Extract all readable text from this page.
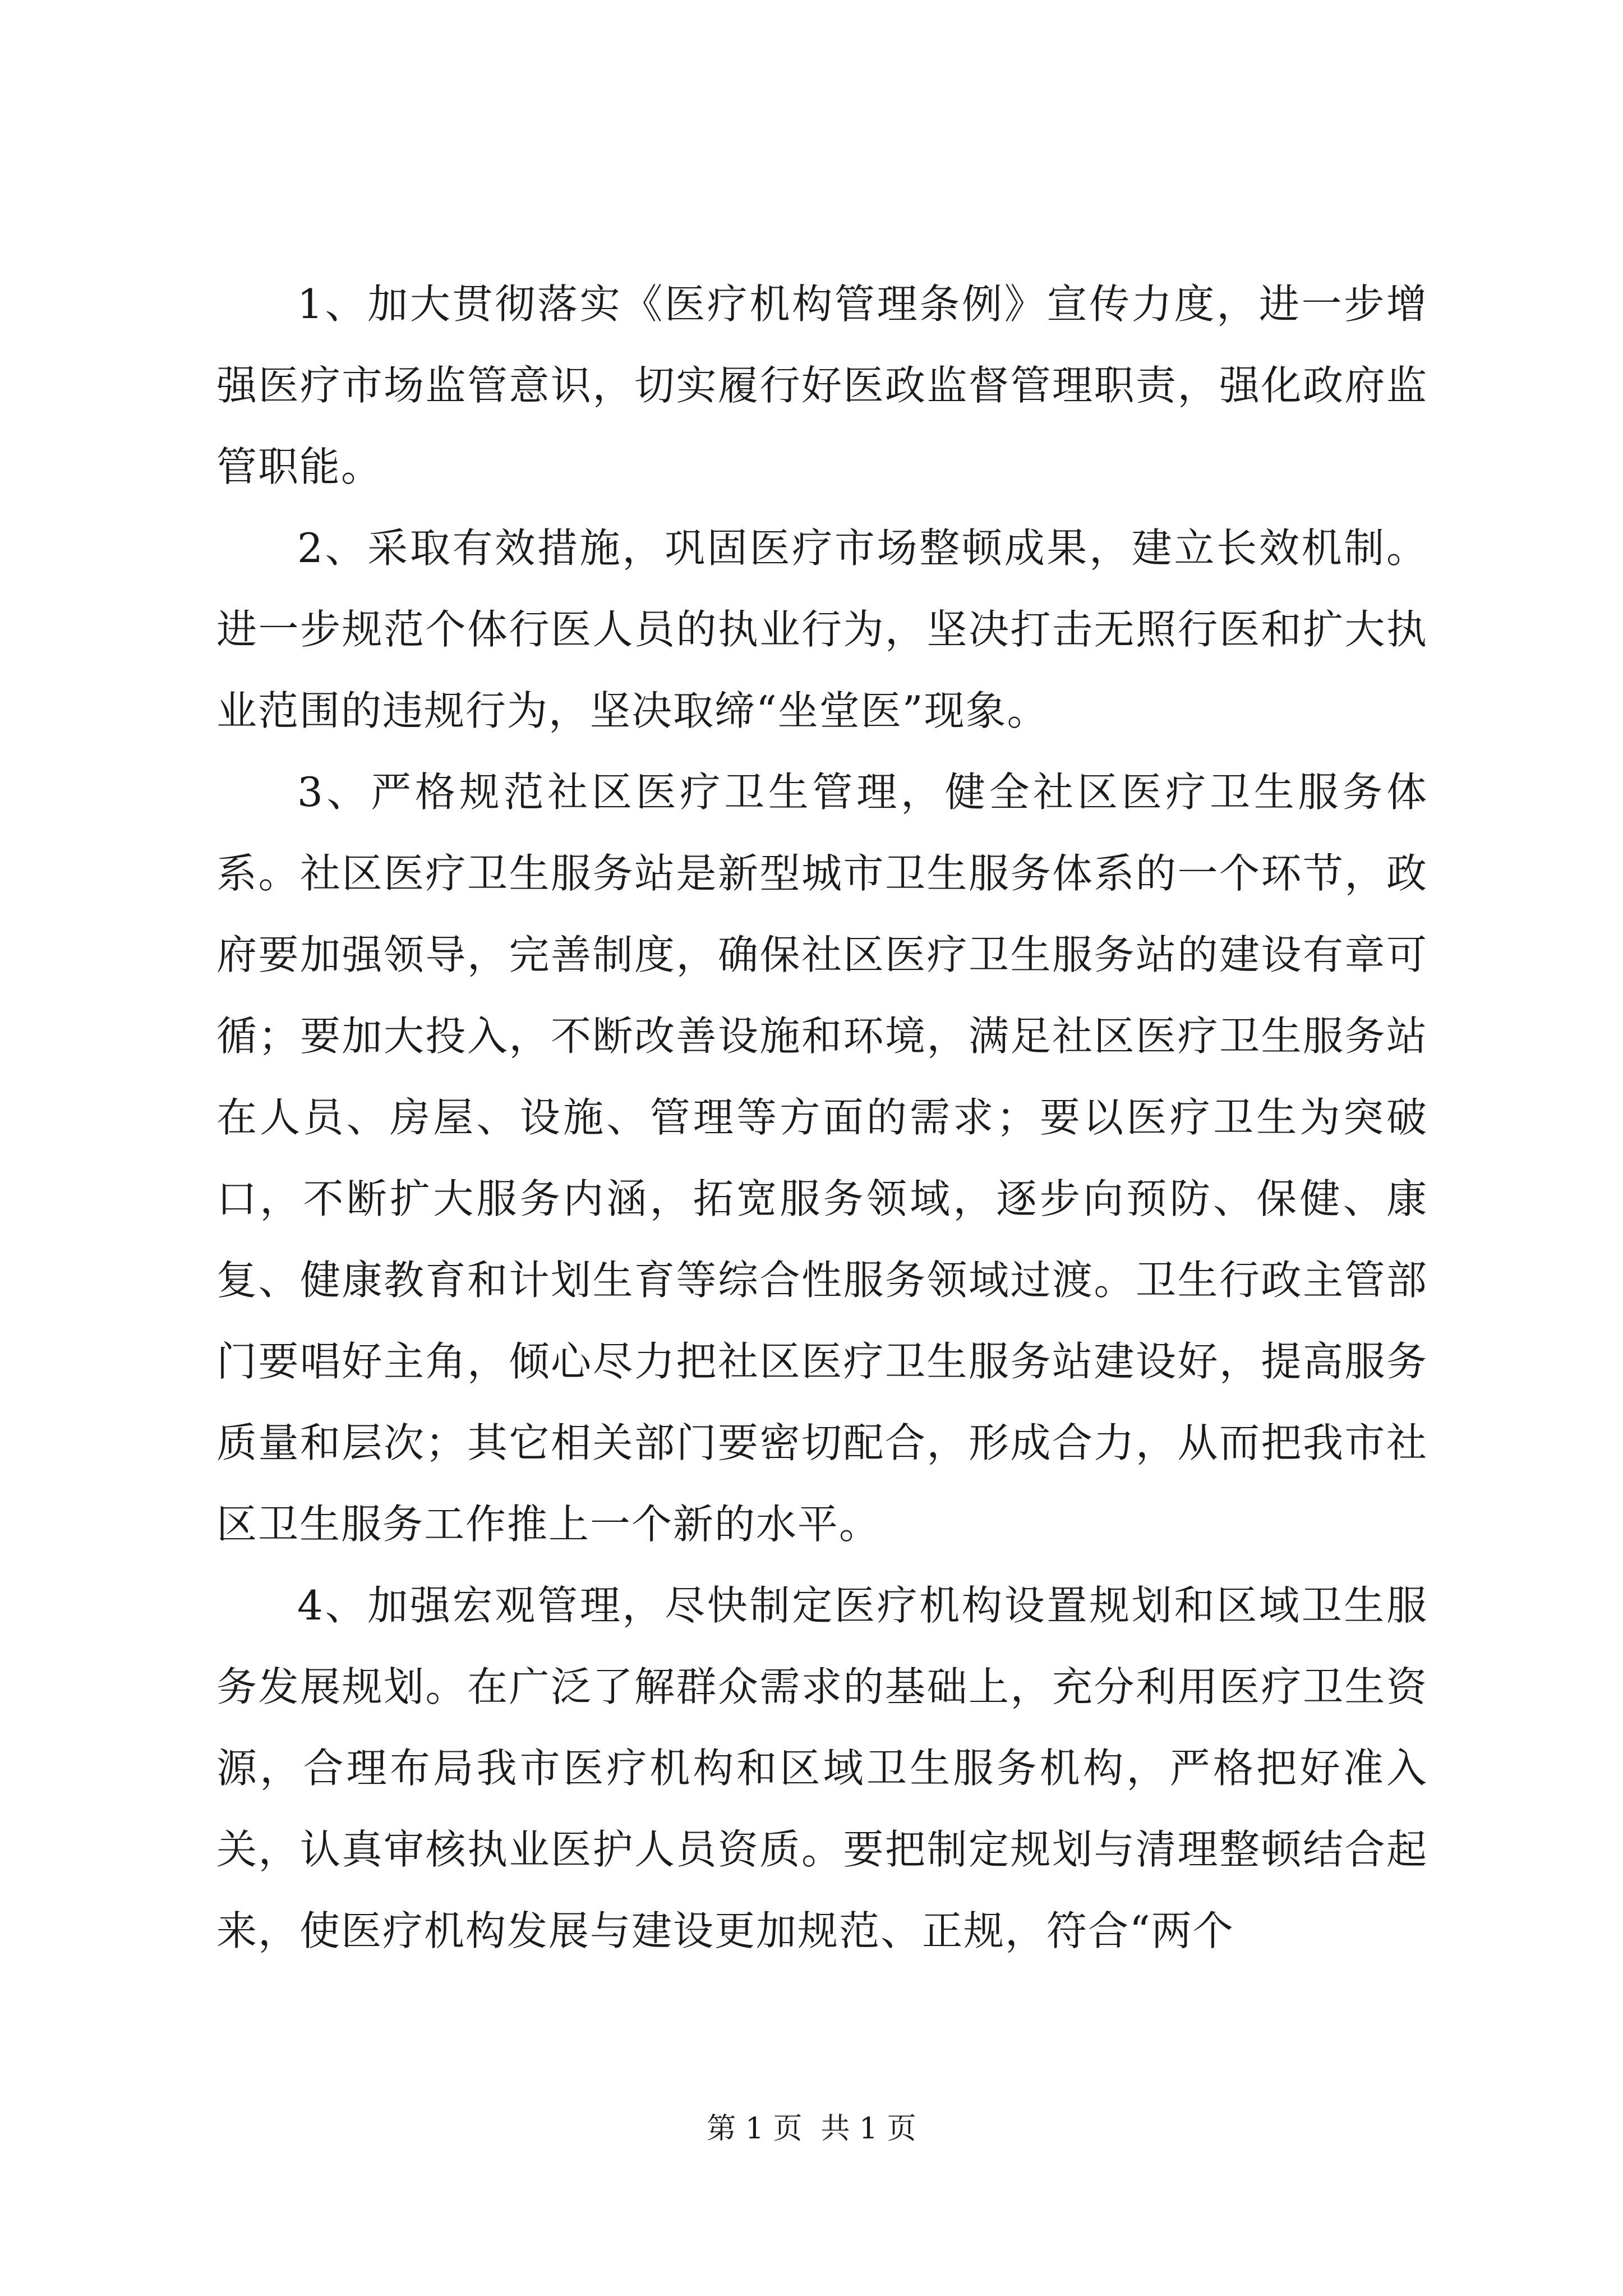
1、加大贯彻落实《医疗机构管理条例》宣传力度，进一步增强医疗市场监管意识，切实履行好医政监督管理职责，强化政府监管职能。

2、采取有效措施，巩固医疗市场整顿成果，建立长效机制。进一步规范个体行医人员的执业行为，坚决打击无照行医和扩大执业范围的违规行为，坚决取缔“坐堂医”现象。

3、严格规范社区医疗卫生管理，健全社区医疗卫生服务体系。社区医疗卫生服务站是新型城市卫生服务体系的一个环节，政府要加强领导，完善制度，确保社区医疗卫生服务站的建设有章可循；要加大投入，不断改善设施和环境，满足社区医疗卫生服务站在人员、房屋、设施、管理等方面的需求；要以医疗卫生为突破口，不断扩大服务内涵，拓宽服务领域，逐步向预防、保健、康复、健康教育和计划生育等综合性服务领域过渡。卫生行政主管部门要唱好主角，倾心尽力把社区医疗卫生服务站建设好，提高服务质量和层次；其它相关部门要密切配合，形成合力，从而把我市社区卫生服务工作推上一个新的水平。

4、加强宏观管理，尽快制定医疗机构设置规划和区域卫生服务发展规划。在广泛了解群众需求的基础上，充分利用医疗卫生资源，合理布局我市医疗机构和区域卫生服务机构，严格把好准入关，认真审核执业医护人员资质。要把制定规划与清理整顿结合起来，使医疗机构发展与建设更加规范、正规，符合“两个

第 1 页  共 1 页
